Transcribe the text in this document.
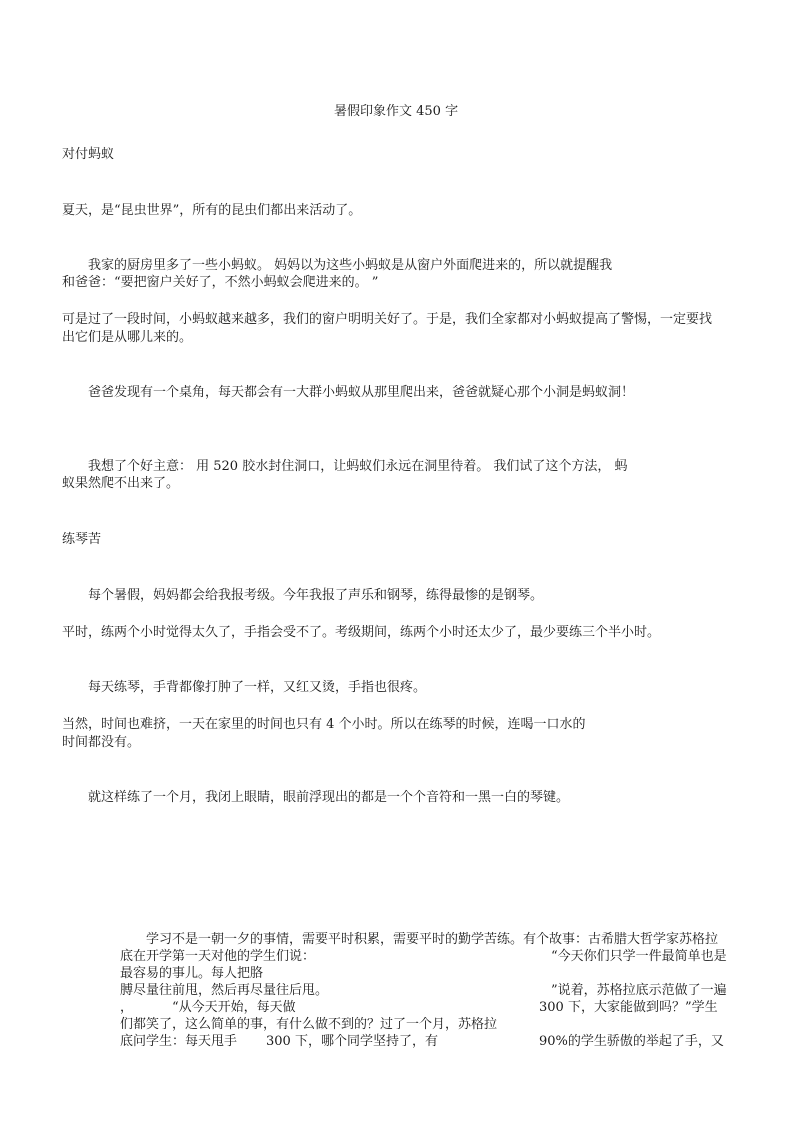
暑假印象作文 450 字

对付蚂蚁

夏天，是“昆虫世界”，所有的昆虫们都出来活动了。

我家的厨房里多了一些小蚂蚁。 妈妈以为这些小蚂蚁是从窗户外面爬进来的，所以就提醒我

和爸爸：“要把窗户关好了，不然小蚂蚁会爬进来的。 ”

可是过了一段时间，小蚂蚁越来越多，我们的窗户明明关好了。于是，我们全家都对小蚂蚁提高了警惕，一定要找

出它们是从哪儿来的。

爸爸发现有一个桌角，每天都会有一大群小蚂蚁从那里爬出来，爸爸就疑心那个小洞是蚂蚁洞！

我想了个好主意： 用 520 胶水封住洞口，让蚂蚁们永远在洞里待着。 我们试了这个方法， 蚂

蚁果然爬不出来了。

练琴苦

每个暑假，妈妈都会给我报考级。今年我报了声乐和钢琴，练得最惨的是钢琴。

平时，练两个小时觉得太久了，手指会受不了。考级期间，练两个小时还太少了，最少要练三个半小时。

每天练琴，手背都像打肿了一样，又红又烫，手指也很疼。

当然，时间也难挤，一天在家里的时间也只有 4 个小时。所以在练琴的时候，连喝一口水的

时间都没有。

就这样练了一个月，我闭上眼睛，眼前浮现出的都是一个个音符和一黑一白的琴键。

学习不是一朝一夕的事情，需要平时积累，需要平时的勤学苦练。有个故事：古希腊大哲学家苏格拉

底在开学第一天对他的学生们说：	“今天你们只学一件最简单也是

最容易的事儿。每人把胳

膊尽量往前甩，然后再尽量往后甩。	”说着，苏格拉底示范做了一遍

，	“从今天开始，每天做	300 下，大家能做到吗？”学生

们都笑了，这么简单的事，有什么做不到的？过了一个月，苏格拉

底问学生：每天甩手 300 下，哪个同学坚持了，有	90%的学生骄傲的举起了手，又
